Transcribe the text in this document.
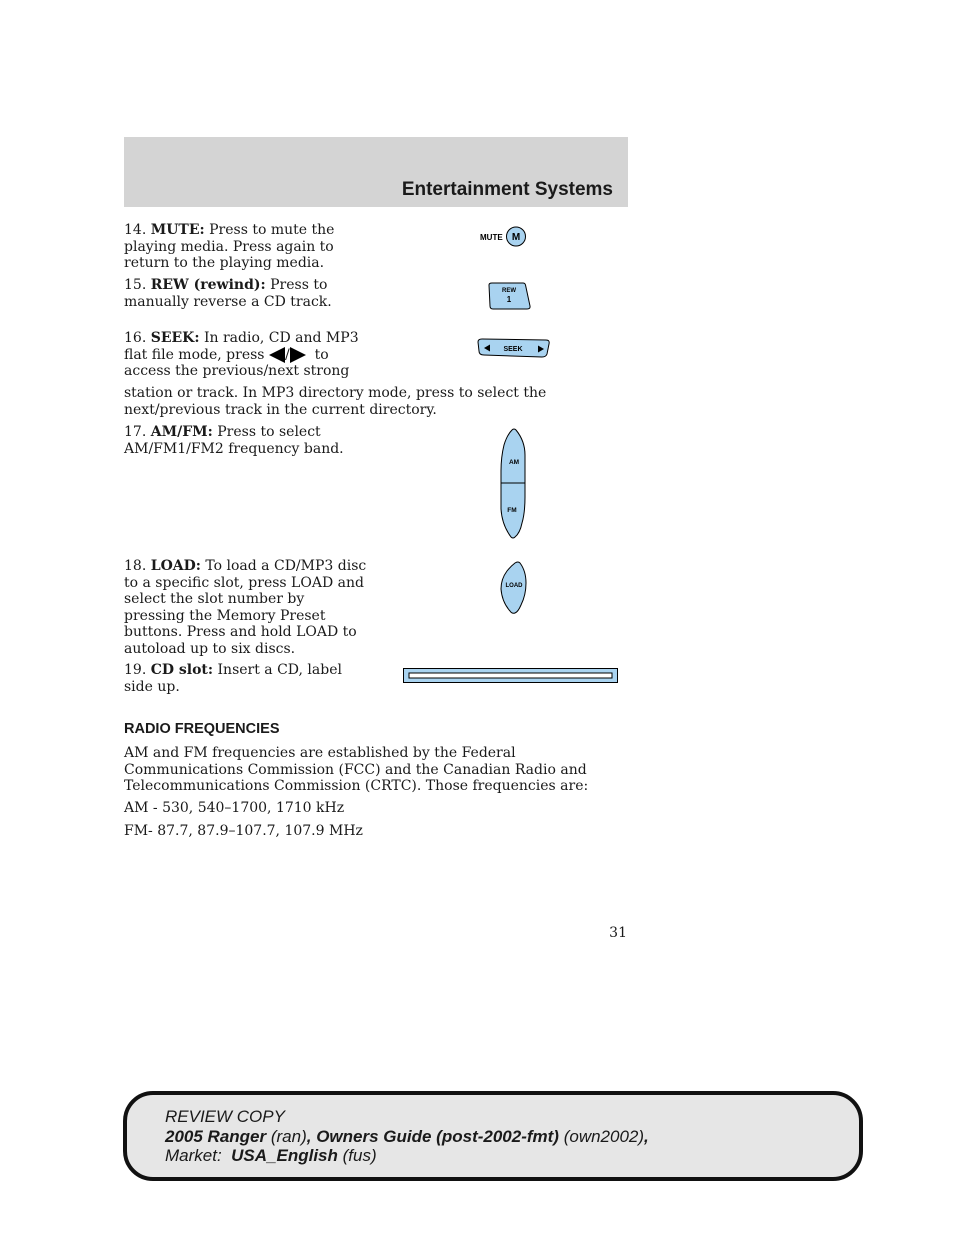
Entertainment Systems
14. MUTE: Press to mute the playing media. Press again to return to the playing media.
15. REW (rewind): Press to manually reverse a CD track.
16. SEEK: In radio, CD and MP3 flat file mode, press / to access the previous/next strong
station or track. In MP3 directory mode, press to select the next/previous track in the current directory.
17. AM/FM: Press to select AM/FM1/FM2 frequency band.
18. LOAD: To load a CD/MP3 disc to a specific slot, press LOAD and select the slot number by pressing the Memory Preset buttons. Press and hold LOAD to autoload up to six discs.
19. CD slot: Insert a CD, label side up.
MUTE M
REW
1
SEEK
AM
FM
LOAD
RADIO FREQUENCIES
AM and FM frequencies are established by the Federal Communications Commission (FCC) and the Canadian Radio and Telecommunications Commission (CRTC). Those frequencies are:
AM - 530, 540–1700, 1710 kHz
FM- 87.7, 87.9–107.7, 107.9 MHz
31
REVIEW COPY
2005 Ranger (ran), Owners Guide (post-2002-fmt) (own2002),
Market: USA_English (fus)
